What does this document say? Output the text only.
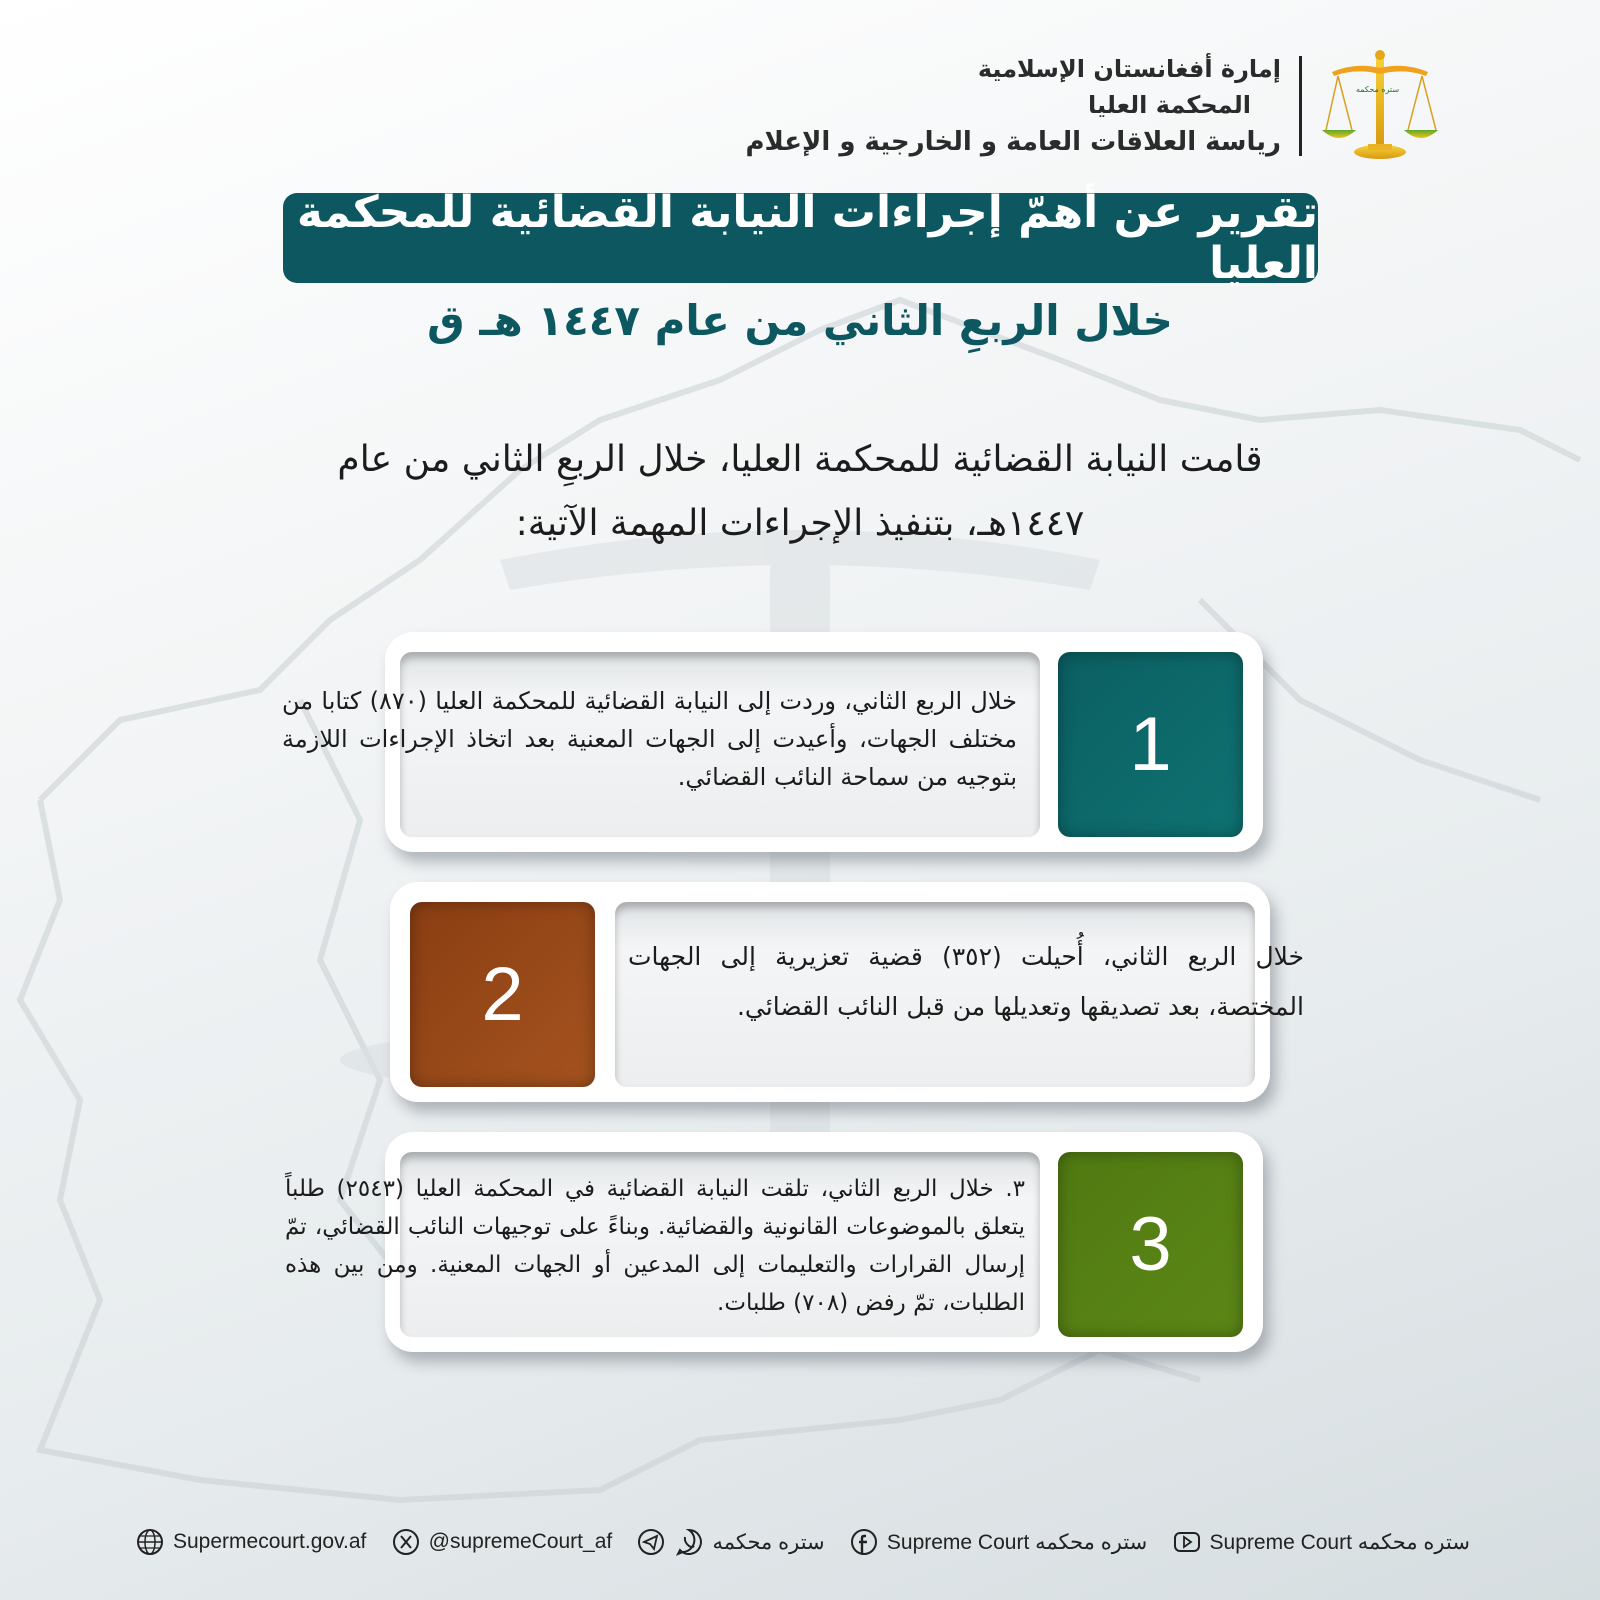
إمارة أفغانستان الإسلامية
المحكمة العليا
رياسة العلاقات العامة و الخارجية و الإعلام
ستره محكمه
تقرير عن أهمّ إجراءات النيابة القضائية للمحكمة العليا
خلال الربعِ الثاني من عام ١٤٤٧ هـ ق
قامت النيابة القضائية للمحكمة العليا، خلال الربعِ الثاني من عام ١٤٤٧هـ، بتنفيذ الإجراءات المهمة الآتية:
1
خلال الربع الثاني، وردت إلى النيابة القضائية للمحكمة العليا (٨٧٠) كتابا من مختلف الجهات، وأعيدت إلى الجهات المعنية بعد اتخاذ الإجراءات اللازمة بتوجيه من سماحة النائب القضائي.
2	خلال الربع الثاني، أُحيلت (٣٥٢) قضية تعزيرية إلى الجهات المختصة، بعد تصديقها وتعديلها من قبل النائب القضائي.
3
٣. خلال الربع الثاني، تلقت النيابة القضائية في المحكمة العليا (٢٥٤٣) طلباً يتعلق بالموضوعات القانونية والقضائية. وبناءً على توجيهات النائب القضائي، تمّ إرسال القرارات والتعليمات إلى المدعين أو الجهات المعنية. ومن بين هذه الطلبات، تمّ رفض (٧٠٨) طلبات.
Supermecourt.gov.af	@supremeCourt_af	ستره محكمه	Supreme Court ستره محكمه	Supreme Court ستره محكمه
